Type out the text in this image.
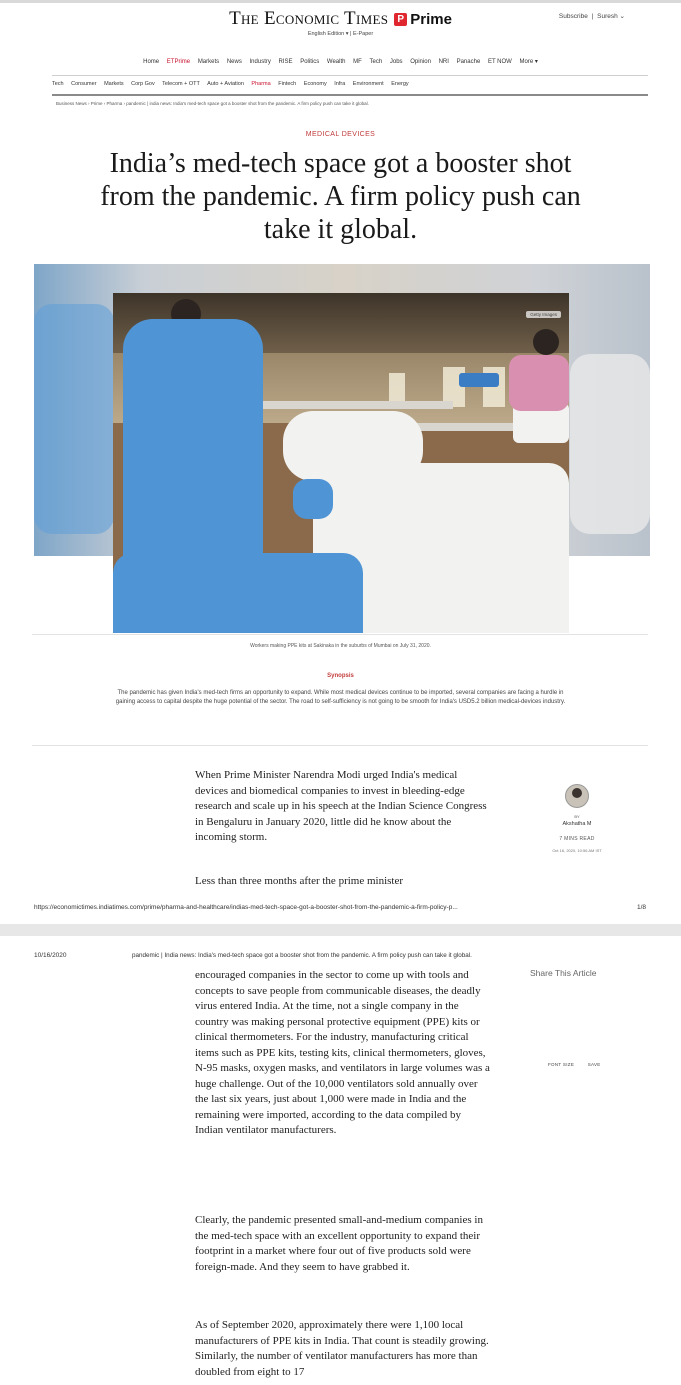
The Economic Times P Prime
English Edition ▾ | E-Paper
Subscribe | Suresh ⌄
Home ETPrime Markets News Industry RISE Politics Wealth MF Tech Jobs Opinion NRI Panache ET NOW More ▾
Tech Consumer Markets Corp Gov Telecom + OTT Auto + Aviation Pharma Fintech Economy Infra Environment Energy
Business News › Prime › Pharma › pandemic | india news: India's med-tech space got a booster shot from the pandemic. A firm policy push can take it global.
MEDICAL DEVICES
India’s med-tech space got a booster shot from the pandemic. A firm policy push can take it global.
Getty Images
Workers making PPE kits at Sakinaka in the suburbs of Mumbai on July 31, 2020.
Synopsis

The pandemic has given India's med-tech firms an opportunity to expand. While most medical devices continue to be imported, several companies are facing a hurdle in gaining access to capital despite the huge potential of the sector. The road to self-sufficiency is not going to be smooth for India's USD5.2 billion medical-devices industry.

When Prime Minister Narendra Modi urged India's medical devices and biomedical companies to invest in bleeding-edge research and scale up in his speech at the Indian Science Congress in Bengaluru in January 2020, little did he know about the incoming storm.

Less than three months after the prime minister

BY
Akshatha M
7 MINS READ
Oct 16, 2020, 10:56 AM IST
https://economictimes.indiatimes.com/prime/pharma-and-healthcare/indias-med-tech-space-got-a-booster-shot-from-the-pandemic-a-firm-policy-p...	1/8
10/16/2020	pandemic | India news: India's med-tech space got a booster shot from the pandemic. A firm policy push can take it global.
Share This Article
FONT SIZE	SAVE

encouraged companies in the sector to come up with tools and concepts to save people from communicable diseases, the deadly virus entered India. At the time, not a single company in the country was making personal protective equipment (PPE) kits or clinical thermometers. For the industry, manufacturing critical items such as PPE kits, testing kits, clinical thermometers, gloves, N-95 masks, oxygen masks, and ventilators in large volumes was a huge challenge. Out of the 10,000 ventilators sold annually over the last six years, just about 1,000 were made in India and the remaining were imported, according to the data compiled by Indian ventilator manufacturers.

Clearly, the pandemic presented small-and-medium companies in the med-tech space with an excellent opportunity to expand their footprint in a market where four out of five products sold were foreign-made. And they seem to have grabbed it.

As of September 2020, approximately there were 1,100 local manufacturers of PPE kits in India. That count is steadily growing. Similarly, the number of ventilator manufacturers has more than doubled from eight to 17
